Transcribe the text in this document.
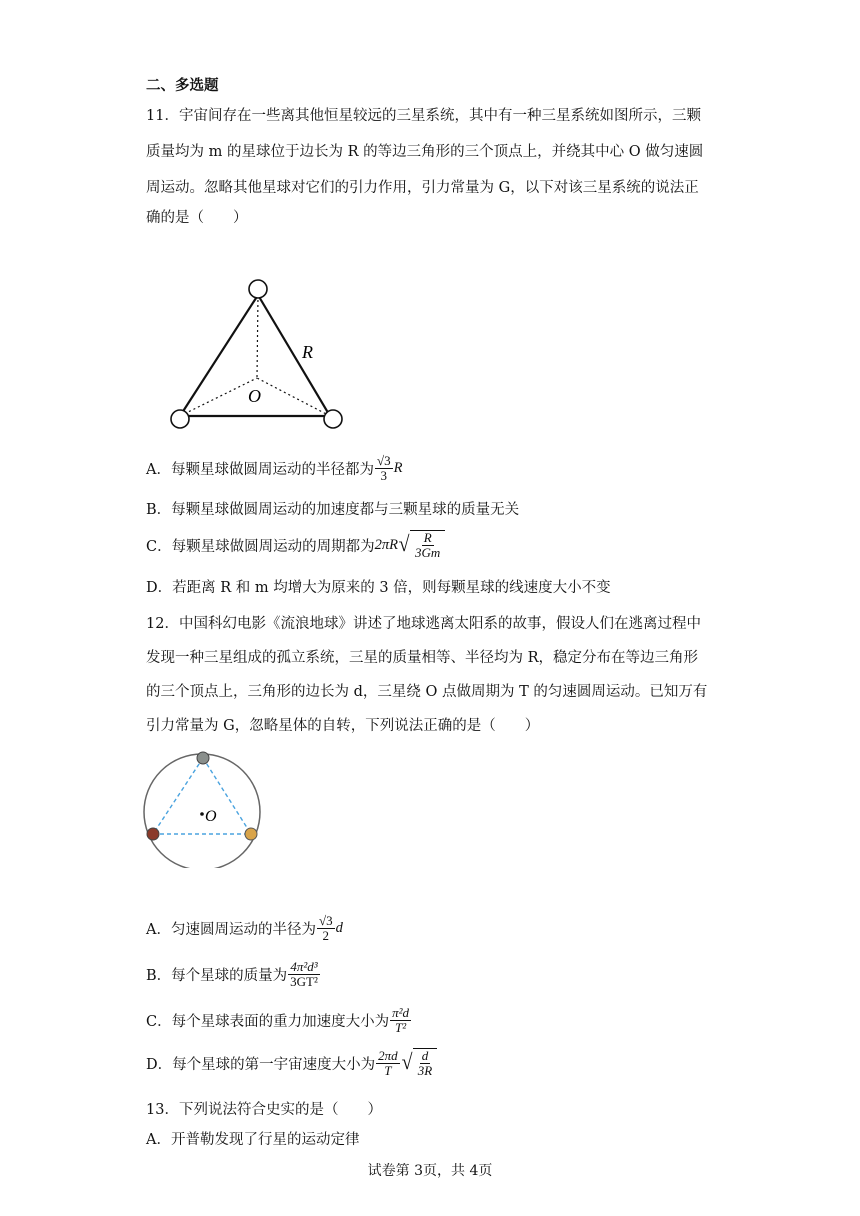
二、多选题
11．宇宙间存在一些离其他恒星较远的三星系统，其中有一种三星系统如图所示，三颗
质量均为 m 的星球位于边长为 R 的等边三角形的三个顶点上，并绕其中心 O 做匀速圆
周运动。忽略其他星球对它们的引力作用，引力常量为 G，以下对该三星系统的说法正
确的是（　　）
R
O
A．每颗星球做圆周运动的半径都为 $\frac{√3}{3}$ R
B．每颗星球做圆周运动的加速度都与三颗星球的质量无关
C．每颗星球做圆周运动的周期都为 2πR √ $\frac{R}{3Gm}$
D．若距离 R 和 m 均增大为原来的 3 倍，则每颗星球的线速度大小不变
12．中国科幻电影《流浪地球》讲述了地球逃离太阳系的故事，假设人们在逃离过程中
发现一种三星组成的孤立系统，三星的质量相等、半径均为 R，稳定分布在等边三角形
的三个顶点上，三角形的边长为 d，三星绕 O 点做周期为 T 的匀速圆周运动。已知万有
引力常量为 G，忽略星体的自转，下列说法正确的是（　　）
O
A．匀速圆周运动的半径为 $\frac{√3}{2}$ d
B．每个星球的质量为 $\frac{\text{4π²d³}}{\text{3GT²}}$
C．每个星球表面的重力加速度大小为 $\frac{\text{π²d}}{\text{T²}}$
D．每个星球的第一宇宙速度大小为 $\frac{2\pi d}{T}$ √ $\frac{d}{3R}$
13．下列说法符合史实的是（　　）
A．开普勒发现了行星的运动定律
试卷第 3页，共 4页
